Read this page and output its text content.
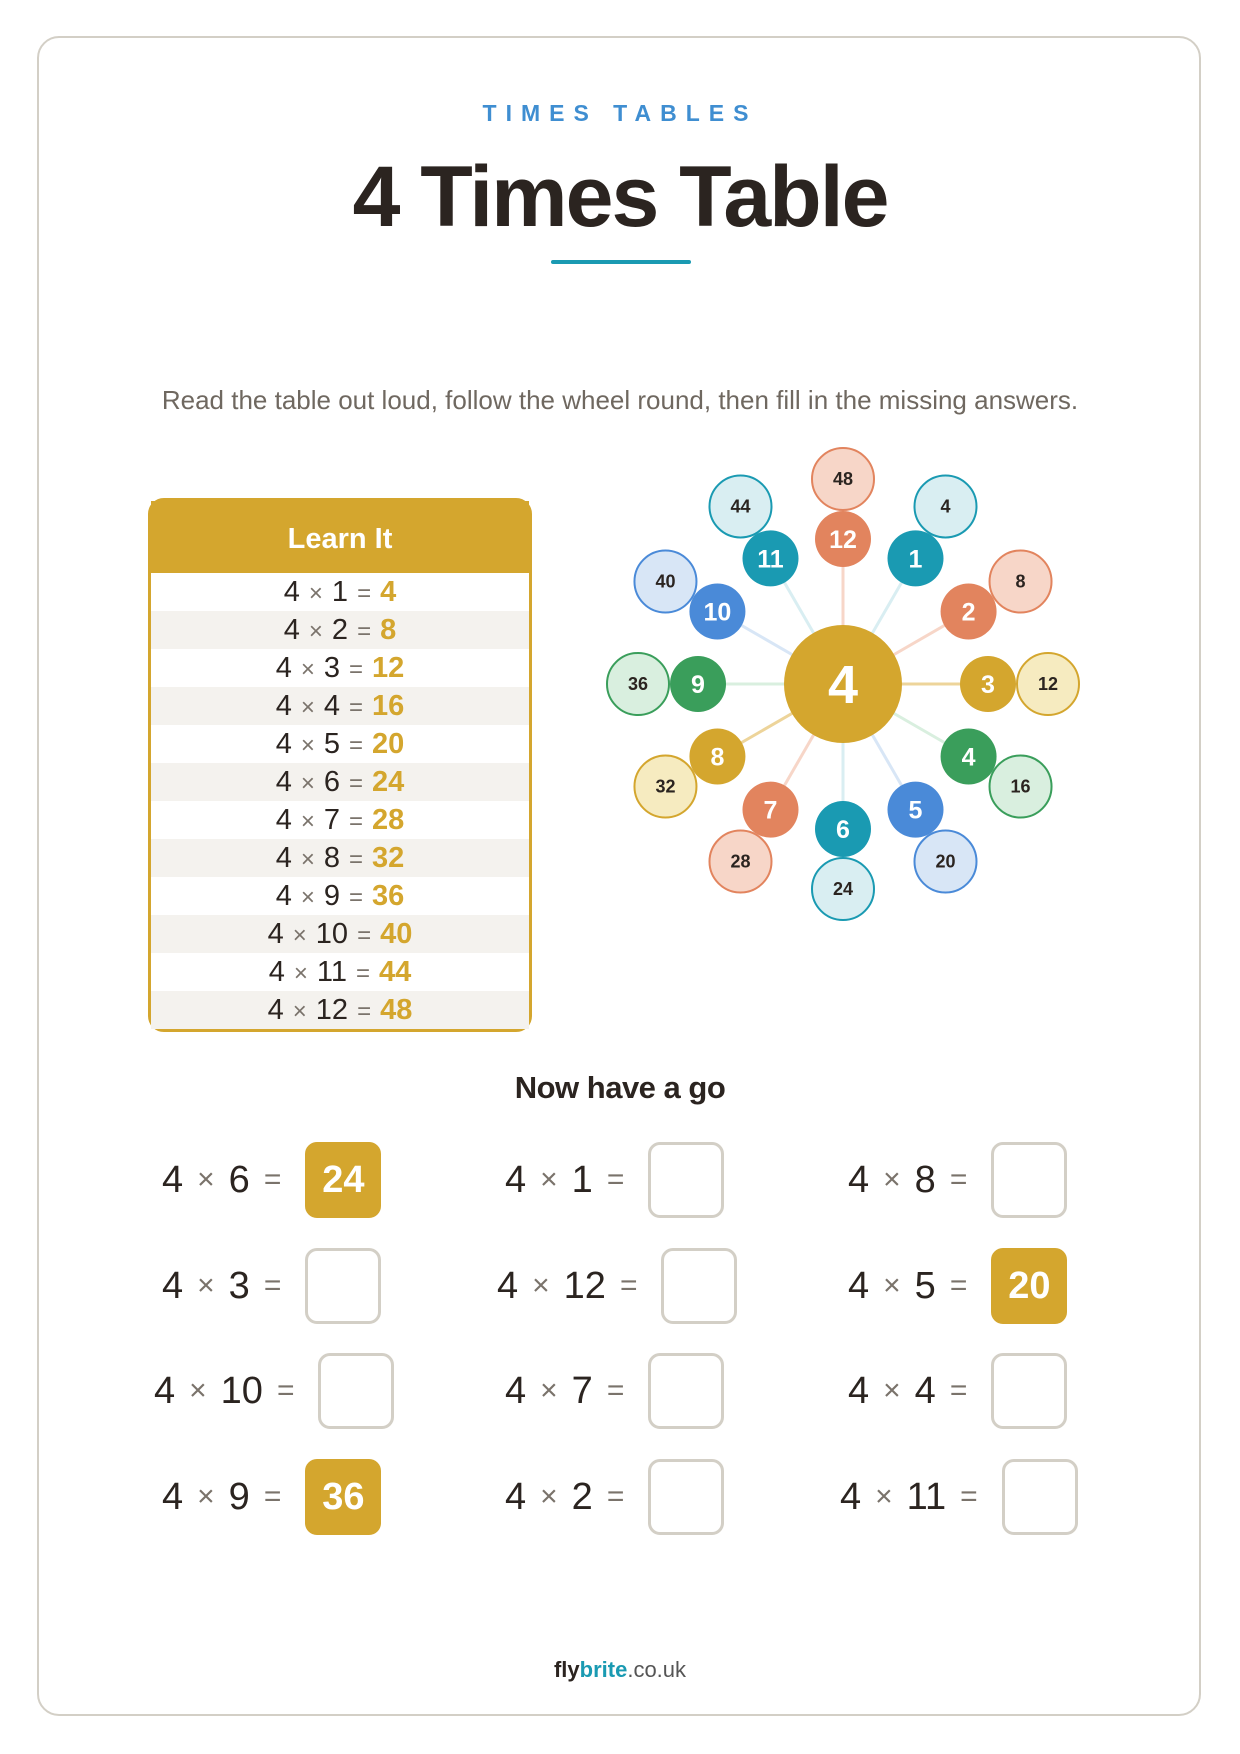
TIMES TABLES
4 Times Table
Read the table out loud, follow the wheel round, then fill in the missing answers.
Learn It
4 × 1 = 4
4 × 2 = 8
4 × 3 = 12
4 × 4 = 16
4 × 5 = 20
4 × 6 = 24
4 × 7 = 28
4 × 8 = 32
4 × 9 = 36
4 × 10 = 40
4 × 11 = 44
4 × 12 = 48
4
1
8
2
12
3
16
4
20
5
24
6
28
7
32
8
36 9
40
10
44
11
48
12
4
Now have a go
4 × 6 =	24	4 × 1 =	4 × 8 =
4 × 3 =	4 × 12 =	4 × 5 =	20
4 × 10 =	4 × 7 =	4 × 4 =
4 × 9 =	36	4 × 2 =	4 × 11 =
flybrite.co.uk
